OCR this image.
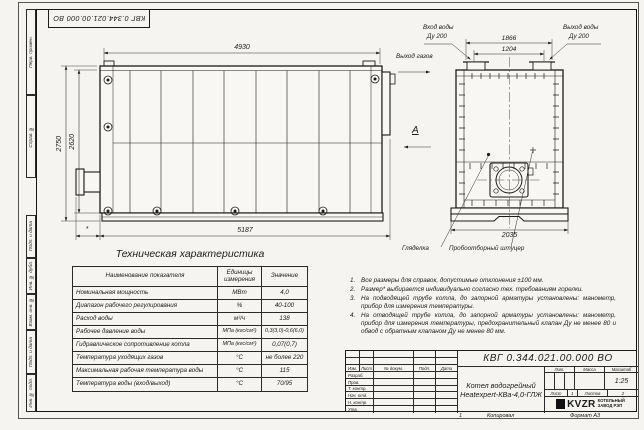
Перв. примен.
Справ. №
Подп. и дата
Инв. № дубл.
Взам. инв. №
Подп. и дата
Инв. № подл.
КВГ 0.344.021.00.000 ВО
4930
5187
*
2750 2620
Выход газов
А
Вход воды
Ду 200
Выход воды
Ду 200
1866
1204
2035
Гляделка	Пробоотборный штуцер
Техническая характеристика
Наименование показателя	Единицы измерения	Значение
Номинальная мощность	МВт	4,0
Диапазон рабочего регулирования	%	40-100
Расход воды	м³/ч	138
Рабочее давление воды	МПа (кгс/см²)	0,3(3,0)-0,6(6,0)
Гидравлическое сопротивление котла	МПа (кгс/см²)	0,07(0,7)
Температура уходящих газов	°С	не более 220
Максимальная рабочая температура воды	°С	115
Температура воды (вход/выход)	°С	70/95
1. Все размеры для справок, допустимые отклонения ±100 мм.
2. Размер* выбирается индивидуально согласно тех. требованиям горелки.
3. На подводящей трубе котла, до запорной арматуры установлены: манометр, прибор для измерения температуры.
4. На отводящей трубе котла, до запорной арматуры установлены: манометр, прибор для измерения температуры, предохранительный клапан Ду не менее 80 и обвод с обратным клапаном Ду не менее 80 мм.
Изм. Лист	№ докум.	Подп.	Дата
Разраб.
Пров.
Т. контр.
Нач. отд.
Н. контр.
Утв.
КВГ 0.344.021.00.000 ВО
Котел водогрейный
Heatexpert-КВа-4,0-ГЛЖ
Лит.	Масса	Масштаб
1:25
Лист	1	Листов	2
KVZR КОТЕЛЬНЫЙ
ЗАВОД РЭП
1	Копировал	Формат А3
